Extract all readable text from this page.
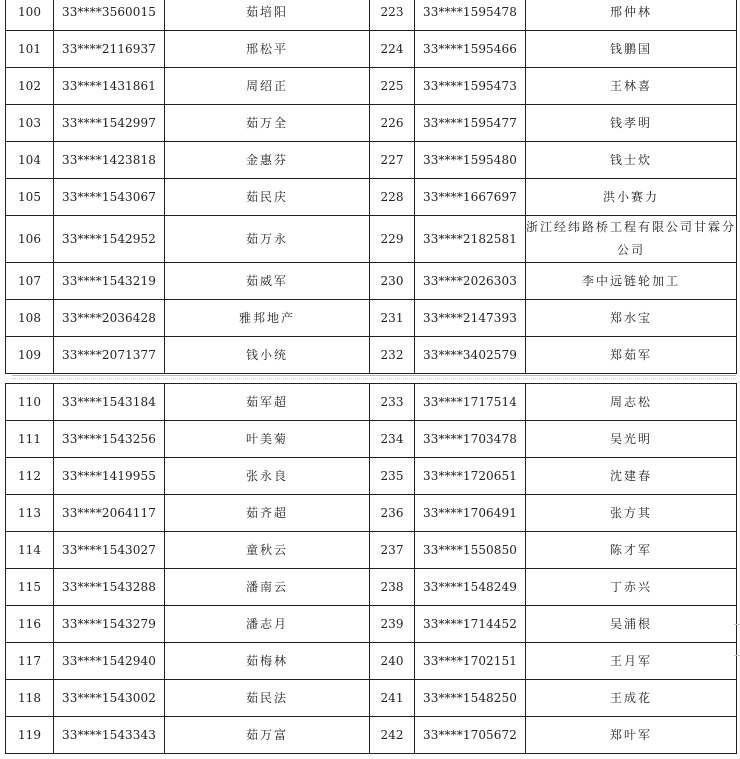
100	33****3560015	茹培阳	223	33****1595478	邢仲林
101	33****2116937	邢松平	224	33****1595466	钱鹏国
102	33****1431861	周绍正	225	33****1595473	王林喜
103	33****1542997	茹万全	226	33****1595477	钱孝明
104	33****1423818	金惠芬	227	33****1595480	钱士炊
105	33****1543067	茹民庆	228	33****1667697	洪小赛力
106	33****1542952	茹万永	229	33****2182581	浙江经纬路桥工程有限公司甘霖分公司
107	33****1543219	茹威军	230	33****2026303	李中远链轮加工
108	33****2036428	雅邦地产	231	33****2147393	郑水宝
109	33****2071377	钱小统	232	33****3402579	郑茹军
110	33****1543184	茹军超	233	33****1717514	周志松
111	33****1543256	叶美菊	234	33****1703478	吴光明
112	33****1419955	张永良	235	33****1720651	沈建春
113	33****2064117	茹齐超	236	33****1706491	张方其
114	33****1543027	童秋云	237	33****1550850	陈才军
115	33****1543288	潘南云	238	33****1548249	丁赤兴
116	33****1543279	潘志月	239	33****1714452	吴浦根
117	33****1542940	茹梅林	240	33****1702151	王月军
118	33****1543002	茹民法	241	33****1548250	王成花
119	33****1543343	茹万富	242	33****1705672	郑叶军
